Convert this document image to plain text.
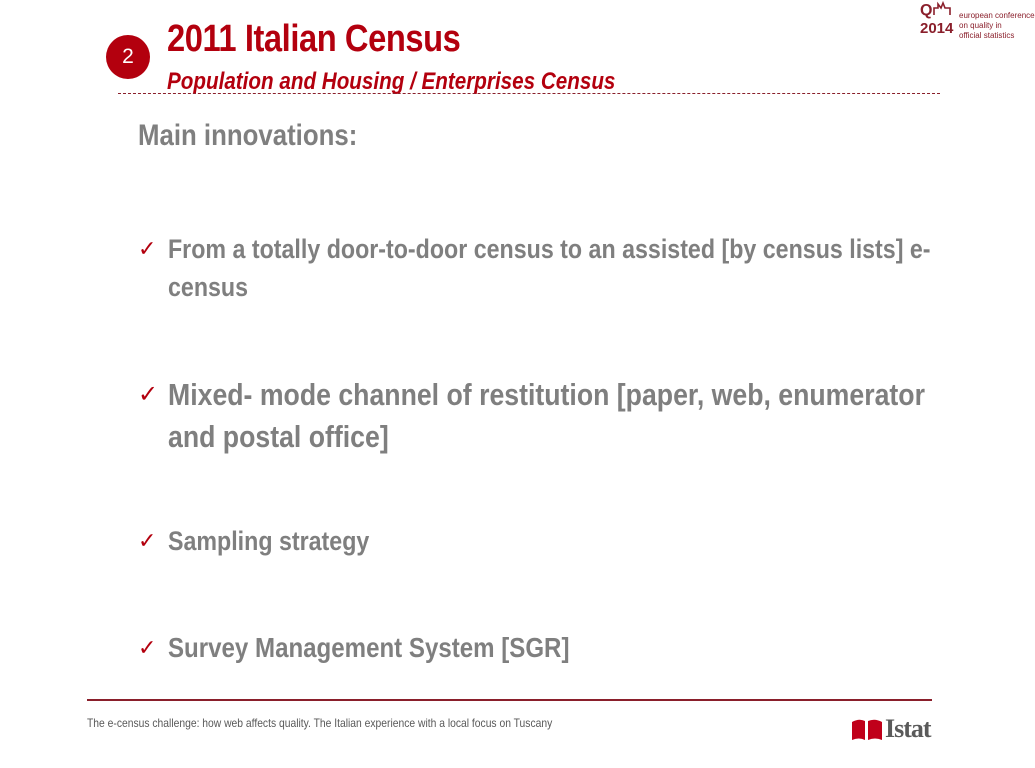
2 2011 Italian Census
Population and Housing / Enterprises Census
Q
2014
european conference
on quality in
official statistics

Main innovations:

✓ From a totally door-to-door census to an assisted [by census lists] e-census
✓ Mixed- mode channel of restitution [paper, web, enumerator and postal office]
✓ Sampling strategy
✓ Survey Management System [SGR]

The e-census challenge: how web affects quality. The Italian experience with a local focus on Tuscany	Istat
